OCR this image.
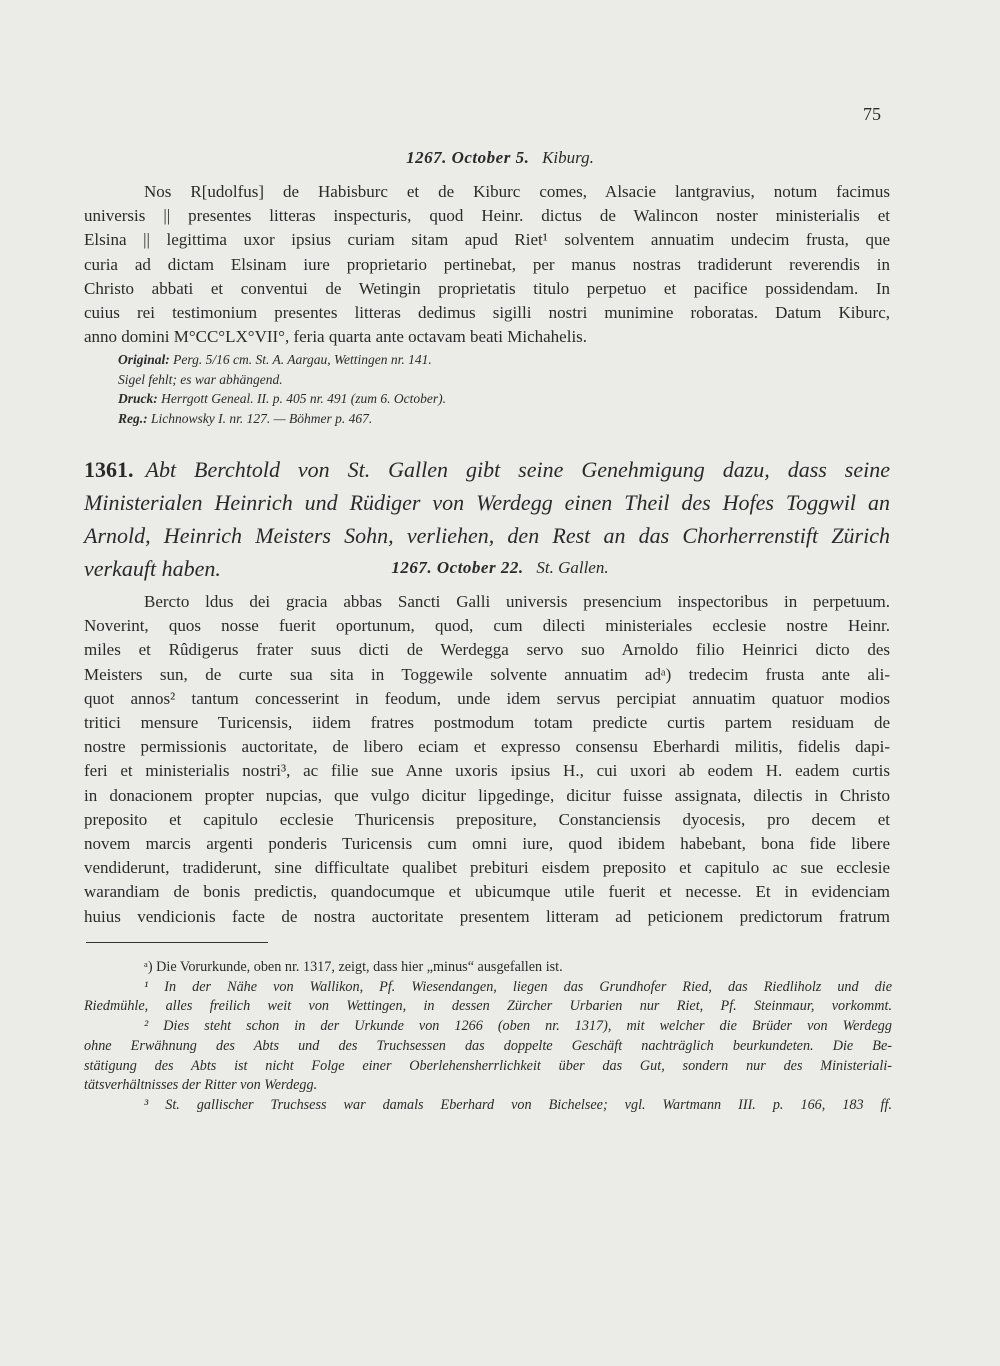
75
1267. October 5. Kiburg.
Nos R[udolfus] de Habisburc et de Kiburc comes, Alsacie lantgravius, notum facimus
universis || presentes litteras inspecturis, quod Heinr. dictus de Walincon noster ministerialis et
Elsina || legittima uxor ipsius curiam sitam apud Riet¹ solventem annuatim undecim frusta, que
curia ad dictam Elsinam iure proprietario pertinebat, per manus nostras tradiderunt reverendis in
Christo abbati et conventui de Wetingin proprietatis titulo perpetuo et pacifice possidendam. In
cuius rei testimonium presentes litteras dedimus sigilli nostri munimine roboratas. Datum Kiburc,
anno domini M°CC°LX°VII°, feria quarta ante octavam beati Michahelis.
Original: Perg. 5/16 cm. St. A. Aargau, Wettingen nr. 141.
Sigel fehlt; es war abhängend.
Druck: Herrgott Geneal. II. p. 405 nr. 491 (zum 6. October).
Reg.: Lichnowsky I. nr. 127. — Böhmer p. 467.
1361. Abt Berchtold von St. Gallen gibt seine Genehmigung dazu, dass seine
Ministerialen Heinrich und Rüdiger von Werdegg einen Theil des Hofes Toggwil an
Arnold, Heinrich Meisters Sohn, verliehen, den Rest an das Chorherrenstift Zürich
verkauft haben.	1267. October 22. St. Gallen.
Bercto ldus dei gracia abbas Sancti Galli universis presencium inspectoribus in perpetuum.
Noverint, quos nosse fuerit oportunum, quod, cum dilecti ministeriales ecclesie nostre Heinr.
miles et Rûdigerus frater suus dicti de Werdegga servo suo Arnoldo filio Heinrici dicto des
Meisters sun, de curte sua sita in Toggewile solvente annuatim adᵃ) tredecim frusta ante ali-
quot annos² tantum concesserint in feodum, unde idem servus percipiat annuatim quatuor modios
tritici mensure Turicensis, iidem fratres postmodum totam predicte curtis partem residuam de
nostre permissionis auctoritate, de libero eciam et expresso consensu Eberhardi militis, fidelis dapi-
feri et ministerialis nostri³, ac filie sue Anne uxoris ipsius H., cui uxori ab eodem H. eadem curtis
in donacionem propter nupcias, que vulgo dicitur lipgedinge, dicitur fuisse assignata, dilectis in Christo
preposito et capitulo ecclesie Thuricensis prepositure, Constanciensis dyocesis, pro decem et
novem marcis argenti ponderis Turicensis cum omni iure, quod ibidem habebant, bona fide libere
vendiderunt, tradiderunt, sine difficultate qualibet prebituri eisdem preposito et capitulo ac sue ecclesie
warandiam de bonis predictis, quandocumque et ubicumque utile fuerit et necesse. Et in evidenciam
huius vendicionis facte de nostra auctoritate presentem litteram ad peticionem predictorum fratrum
ᵃ) Die Vorurkunde, oben nr. 1317, zeigt, dass hier „minus“ ausgefallen ist.
¹ In der Nähe von Wallikon, Pf. Wiesendangen, liegen das Grundhofer Ried, das Riedliholz und die
Riedmühle, alles freilich weit von Wettingen, in dessen Zürcher Urbarien nur Riet, Pf. Steinmaur, vorkommt.
² Dies steht schon in der Urkunde von 1266 (oben nr. 1317), mit welcher die Brüder von Werdegg
ohne Erwähnung des Abts und des Truchsessen das doppelte Geschäft nachträglich beurkundeten. Die Be-
stätigung des Abts ist nicht Folge einer Oberlehensherrlichkeit über das Gut, sondern nur des Ministeriali-
tätsverhältnisses der Ritter von Werdegg.
³ St. gallischer Truchsess war damals Eberhard von Bichelsee; vgl. Wartmann III. p. 166, 183 ff.
